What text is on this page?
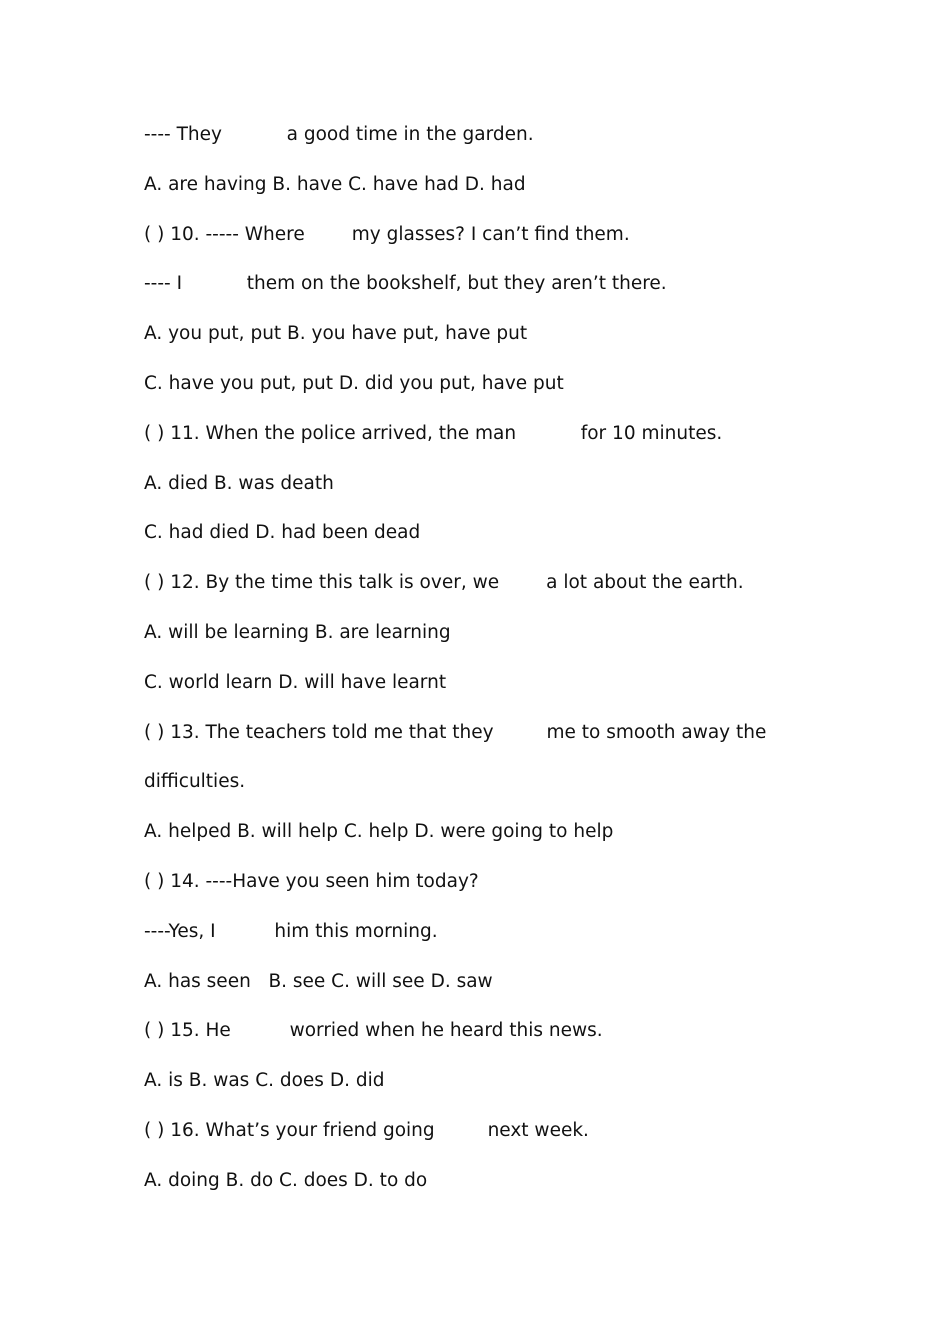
---- They           a good time in the garden.
A. are having B. have C. have had D. had
( ) 10. ----- Where        my glasses? I can’t find them.
---- I           them on the bookshelf, but they aren’t there.
A. you put, put B. you have put, have put
C. have you put, put D. did you put, have put
( ) 11. When the police arrived, the man           for 10 minutes.
A. died B. was death
C. had died D. had been dead
( ) 12. By the time this talk is over, we        a lot about the earth.
A. will be learning B. are learning
C. world learn D. will have learnt
( ) 13. The teachers told me that they         me to smooth away the
difficulties.
A. helped B. will help C. help D. were going to help
( ) 14. ----Have you seen him today?
----Yes, I          him this morning.
A. has seen   B. see C. will see D. saw
( ) 15. He          worried when he heard this news.
A. is B. was C. does D. did
( ) 16. What’s your friend going         next week.
A. doing B. do C. does D. to do
